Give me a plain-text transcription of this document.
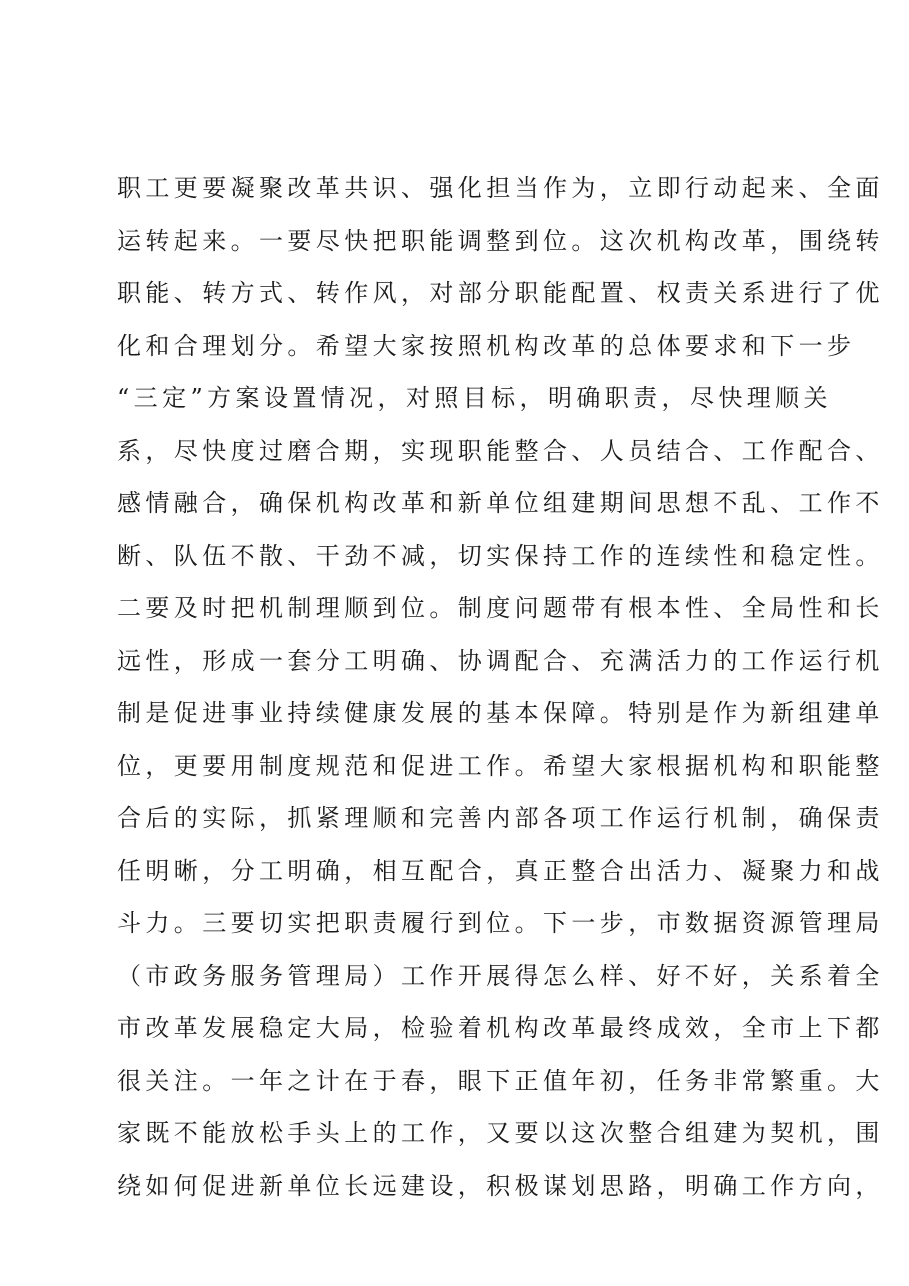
职工更要凝聚改革共识、强化担当作为，立即行动起来、全面
运转起来。一要尽快把职能调整到位。这次机构改革，围绕转
职能、转方式、转作风，对部分职能配置、权责关系进行了优
化和合理划分。希望大家按照机构改革的总体要求和下一步
“三定”方案设置情况，对照目标，明确职责，尽快理顺关
系，尽快度过磨合期，实现职能整合、人员结合、工作配合、
感情融合，确保机构改革和新单位组建期间思想不乱、工作不
断、队伍不散、干劲不减，切实保持工作的连续性和稳定性。
二要及时把机制理顺到位。制度问题带有根本性、全局性和长
远性，形成一套分工明确、协调配合、充满活力的工作运行机
制是促进事业持续健康发展的基本保障。特别是作为新组建单
位，更要用制度规范和促进工作。希望大家根据机构和职能整
合后的实际，抓紧理顺和完善内部各项工作运行机制，确保责
任明晰，分工明确，相互配合，真正整合出活力、凝聚力和战
斗力。三要切实把职责履行到位。下一步，市数据资源管理局
（市政务服务管理局）工作开展得怎么样、好不好，关系着全
市改革发展稳定大局，检验着机构改革最终成效，全市上下都
很关注。一年之计在于春，眼下正值年初，任务非常繁重。大
家既不能放松手头上的工作，又要以这次整合组建为契机，围
绕如何促进新单位长远建设，积极谋划思路，明确工作方向，
